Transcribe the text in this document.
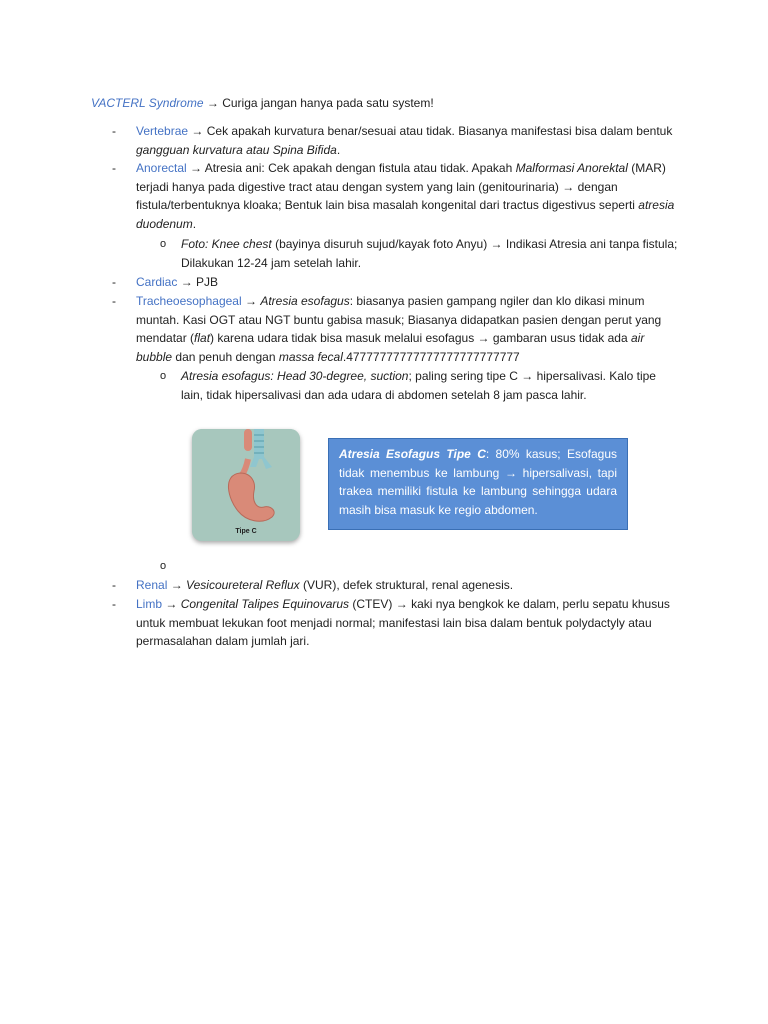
VACTERL Syndrome → Curiga jangan hanya pada satu system!
- Vertebrae → Cek apakah kurvatura benar/sesuai atau tidak. Biasanya manifestasi bisa dalam bentuk gangguan kurvatura atau Spina Bifida.
- Anorectal → Atresia ani: Cek apakah dengan fistula atau tidak. Apakah Malformasi Anorektal (MAR) terjadi hanya pada digestive tract atau dengan system yang lain (genitourinaria) → dengan fistula/terbentuknya kloaka; Bentuk lain bisa masalah kongenital dari tractus digestivus seperti atresia duodenum.
o Foto: Knee chest (bayinya disuruh sujud/kayak foto Anyu) → Indikasi Atresia ani tanpa fistula; Dilakukan 12-24 jam setelah lahir.
- Cardiac → PJB
- Tracheoesophageal → Atresia esofagus: biasanya pasien gampang ngiler dan klo dikasi minum muntah. Kasi OGT atau NGT buntu gabisa masuk; Biasanya didapatkan pasien dengan perut yang mendatar (flat) karena udara tidak bisa masuk melalui esofagus → gambaran usus tidak ada air bubble dan penuh dengan massa fecal.47777777777777777777777777
o Atresia esofagus: Head 30-degree, suction; paling sering tipe C → hipersalivasi. Kalo tipe lain, tidak hipersalivasi dan ada udara di abdomen setelah 8 jam pasca lahir.
Tipe C
Atresia Esofagus Tipe C: 80% kasus; Esofagus tidak menembus ke lambung → hipersalivasi, tapi trakea memiliki fistula ke lambung sehingga udara masih bisa masuk ke regio abdomen.
o
- Renal → Vesicoureteral Reflux (VUR), defek struktural, renal agenesis.
- Limb → Congenital Talipes Equinovarus (CTEV) → kaki nya bengkok ke dalam, perlu sepatu khusus untuk membuat lekukan foot menjadi normal; manifestasi lain bisa dalam bentuk polydactyly atau permasalahan dalam jumlah jari.
